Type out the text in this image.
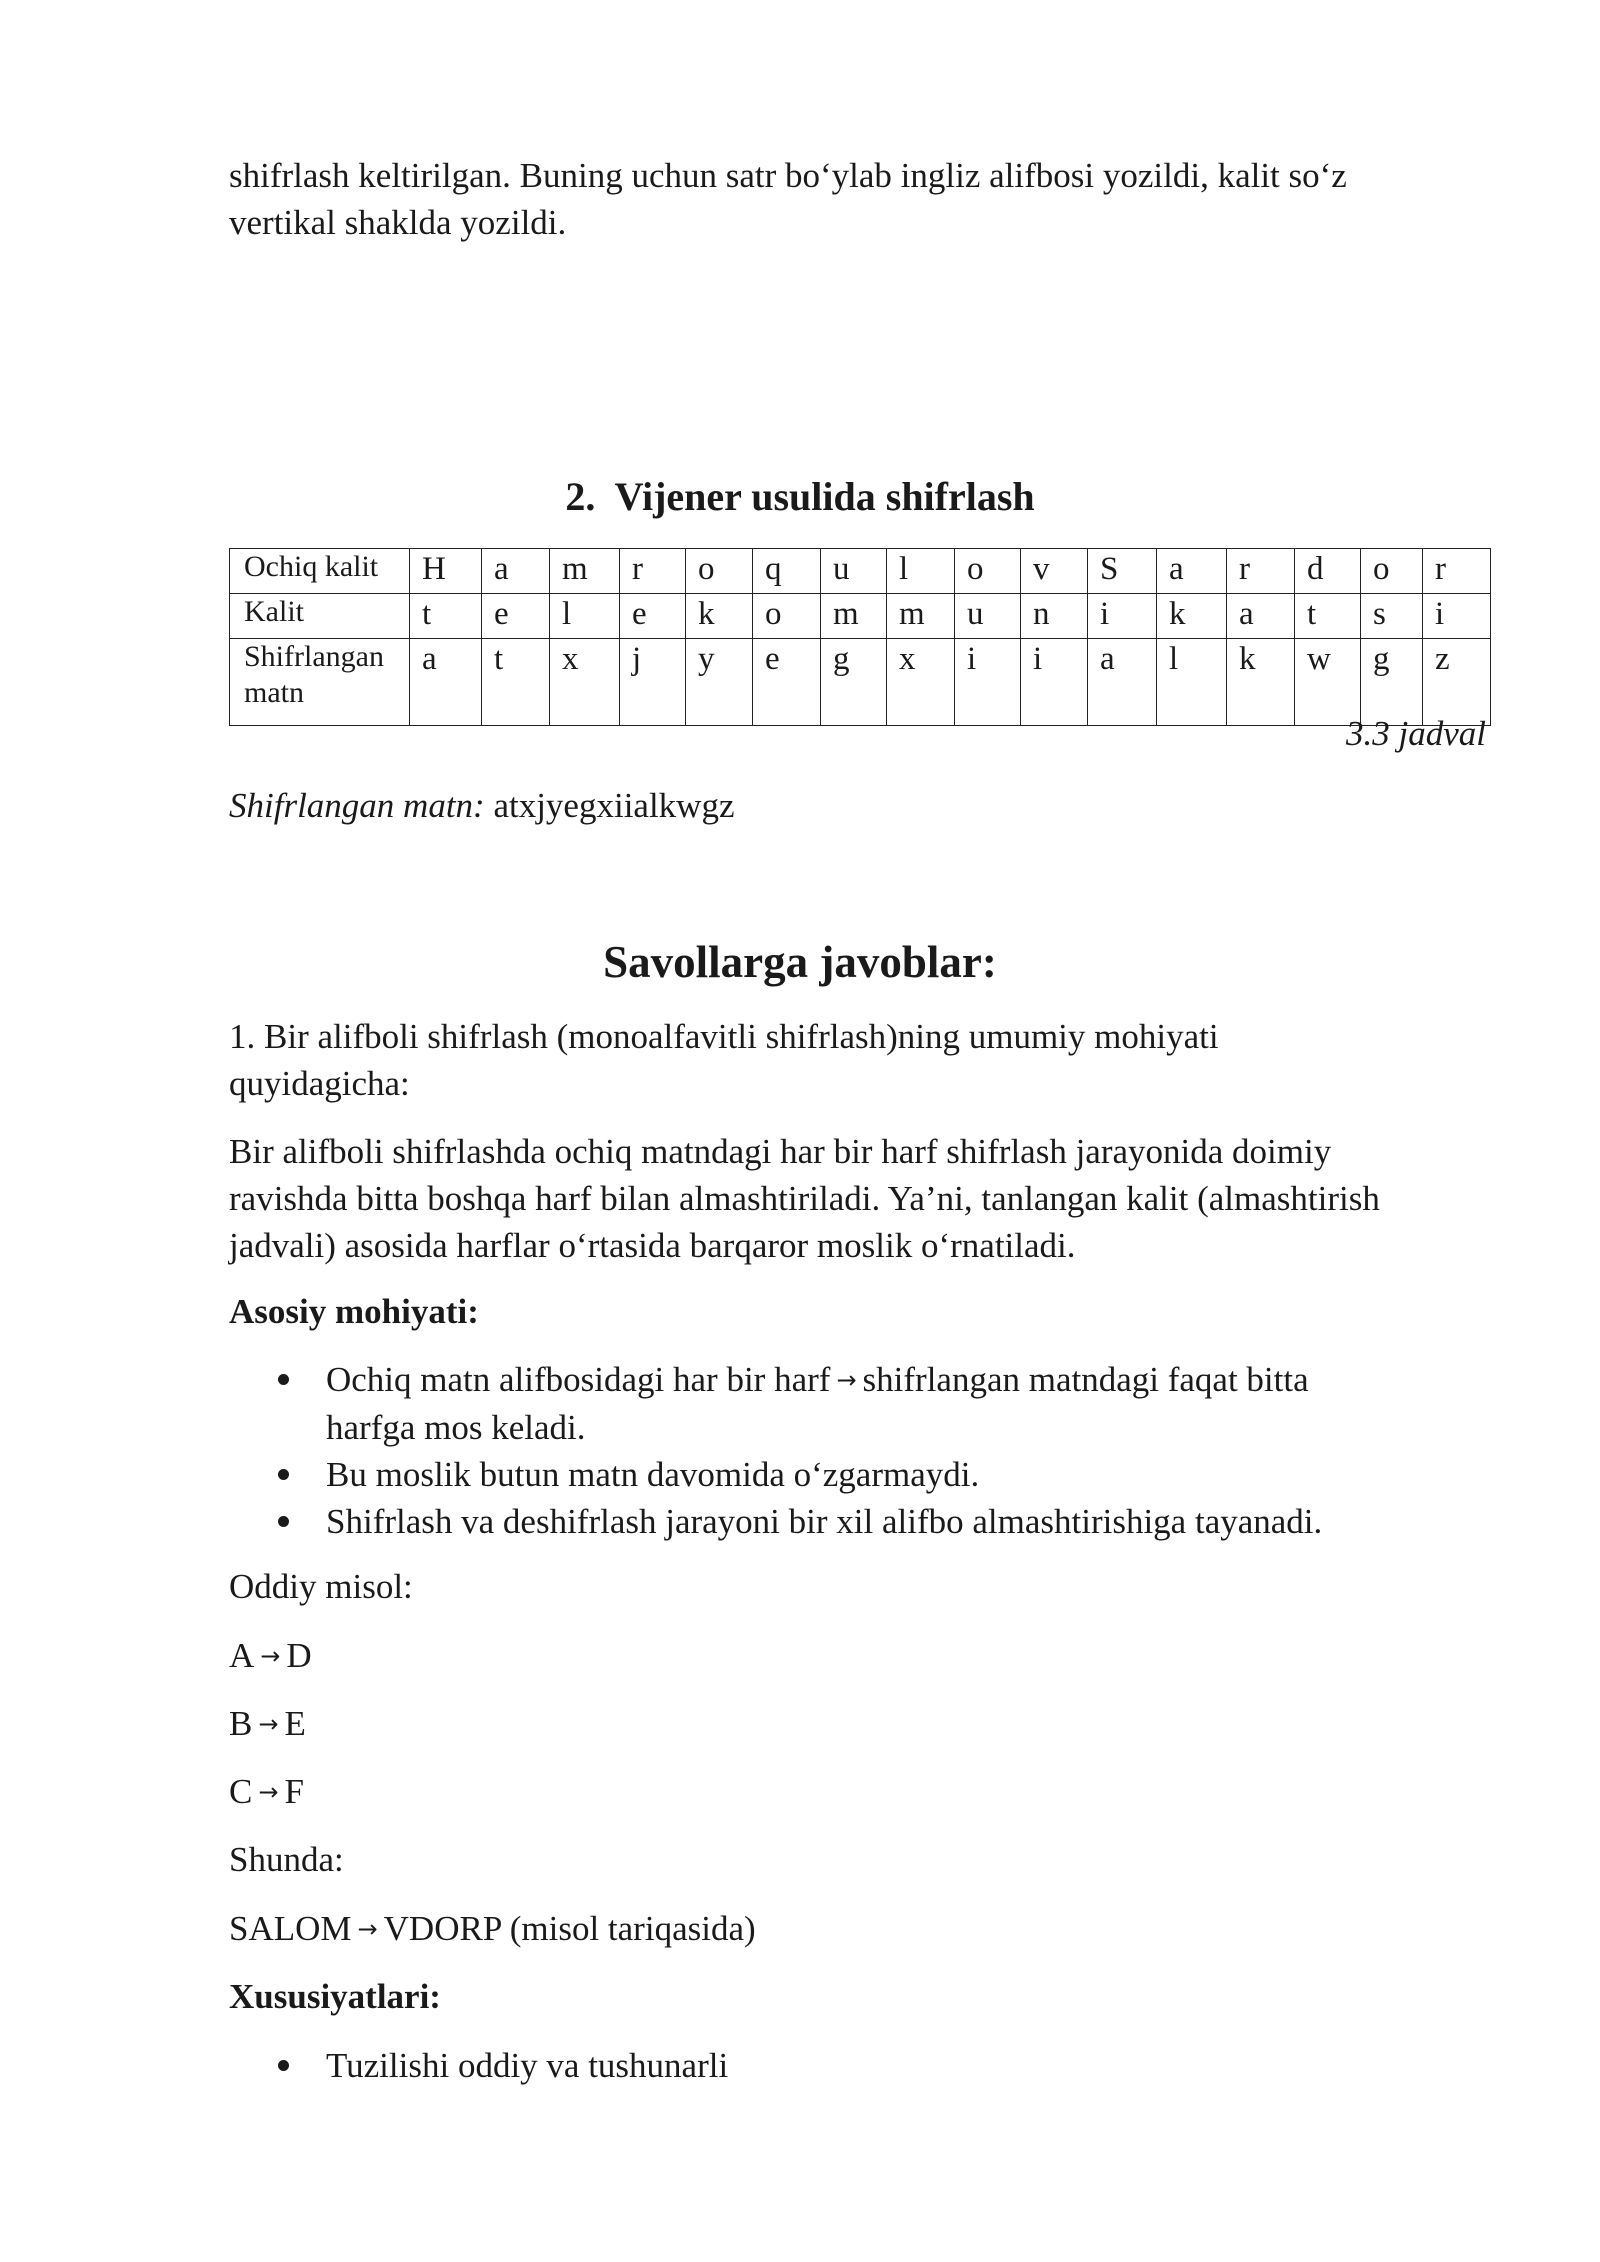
shifrlash keltirilgan. Buning uchun satr bo‘ylab ingliz alifbosi yozildi, kalit so‘z
vertikal shaklda yozildi.

2. Vijener usulida shifrlash
Ochiq kalit	H	a	m	r	o	q	u	l	o	v	S	a	r	d	o	r
Kalit	t	e	l	e	k	o	m	m	u	n	i	k	a	t	s	i
Shifrlangan matn	a	t	x	j	y	e	g	x	i	i	a	l	k	w	g	z

3.3 jadval

Shifrlangan matn: atxjyegxiialkwgz

Savollarga javoblar:

1. Bir alifboli shifrlash (monoalfavitli shifrlash)ning umumiy mohiyati
quyidagicha:

Bir alifboli shifrlashda ochiq matndagi har bir harf shifrlash jarayonida doimiy
ravishda bitta boshqa harf bilan almashtiriladi. Ya’ni, tanlangan kalit (almashtirish
jadvali) asosida harflar o‘rtasida barqaror moslik o‘rnatiladi.

Asosiy mohiyati:

Ochiq matn alifbosidagi har bir harf → shifrlangan matndagi faqat bitta
harfga mos keladi.
Bu moslik butun matn davomida o‘zgarmaydi.
Shifrlash va deshifrlash jarayoni bir xil alifbo almashtirishiga tayanadi.

Oddiy misol:

A → D

B → E

C → F

Shunda:

SALOM → VDORP (misol tariqasida)

Xususiyatlari:

Tuzilishi oddiy va tushunarli
